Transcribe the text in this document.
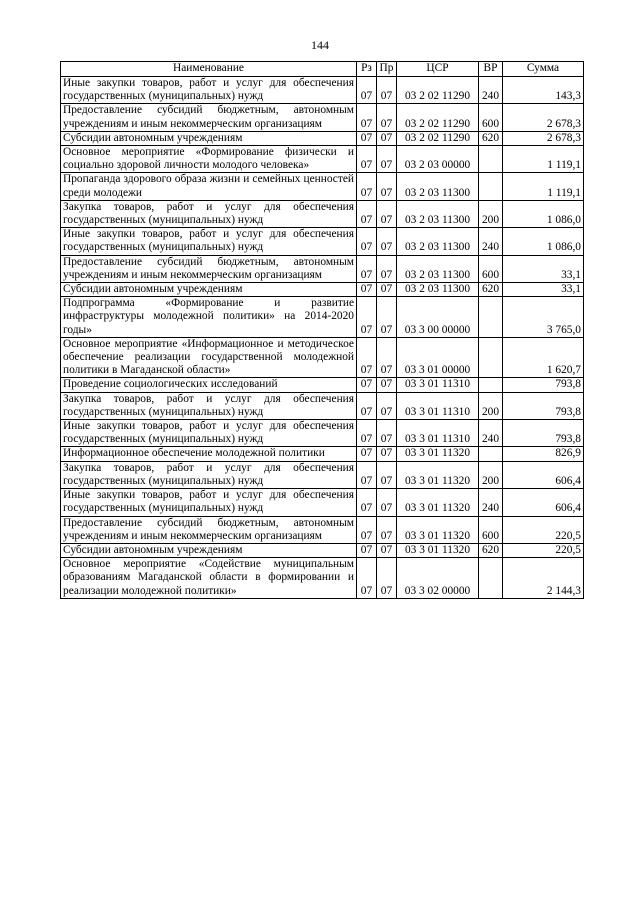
144
Наименование	Рз	Пр	ЦСР	ВР	Сумма
Иные закупки товаров, работ и услуг для обеспечения государственных (муниципальных) нужд	07	07	03 2 02 11290	240	143,3
Предоставление субсидий бюджетным, автономным учреждениям и иным некоммерческим организациям	07	07	03 2 02 11290	600	2 678,3
Субсидии автономным учреждениям	07	07	03 2 02 11290	620	2 678,3
Основное мероприятие «Формирование физически и социально здоровой личности молодого человека»	07	07	03 2 03 00000		1 119,1
Пропаганда здорового образа жизни и семейных ценностей среди молодежи	07	07	03 2 03 11300		1 119,1
Закупка товаров, работ и услуг для обеспечения государственных (муниципальных) нужд	07	07	03 2 03 11300	200	1 086,0
Иные закупки товаров, работ и услуг для обеспечения государственных (муниципальных) нужд	07	07	03 2 03 11300	240	1 086,0
Предоставление субсидий бюджетным, автономным учреждениям и иным некоммерческим организациям	07	07	03 2 03 11300	600	33,1
Субсидии автономным учреждениям	07	07	03 2 03 11300	620	33,1
Подпрограмма «Формирование и развитие инфраструктуры молодежной политики» на 2014-2020 годы»	07	07	03 3 00 00000		3 765,0
Основное мероприятие «Информационное и методическое обеспечение реализации государственной молодежной политики в Магаданской области»	07	07	03 3 01 00000		1 620,7
Проведение социологических исследований	07	07	03 3 01 11310		793,8
Закупка товаров, работ и услуг для обеспечения государственных (муниципальных) нужд	07	07	03 3 01 11310	200	793,8
Иные закупки товаров, работ и услуг для обеспечения государственных (муниципальных) нужд	07	07	03 3 01 11310	240	793,8
Информационное обеспечение молодежной политики	07	07	03 3 01 11320		826,9
Закупка товаров, работ и услуг для обеспечения государственных (муниципальных) нужд	07	07	03 3 01 11320	200	606,4
Иные закупки товаров, работ и услуг для обеспечения государственных (муниципальных) нужд	07	07	03 3 01 11320	240	606,4
Предоставление субсидий бюджетным, автономным учреждениям и иным некоммерческим организациям	07	07	03 3 01 11320	600	220,5
Субсидии автономным учреждениям	07	07	03 3 01 11320	620	220,5
Основное мероприятие «Содействие муниципальным образованиям Магаданской области в формировании и реализации молодежной политики»	07	07	03 3 02 00000		2 144,3
